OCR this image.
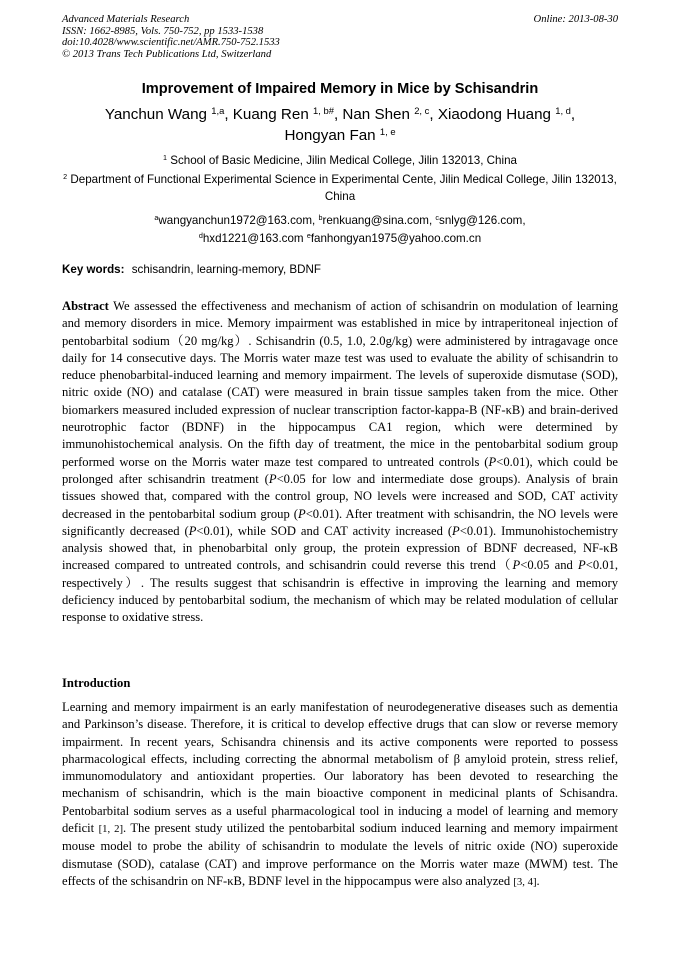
Advanced Materials Research
ISSN: 1662-8985, Vols. 750-752, pp 1533-1538
doi:10.4028/www.scientific.net/AMR.750-752.1533
© 2013 Trans Tech Publications Ltd, Switzerland
Online: 2013-08-30
Improvement of Impaired Memory in Mice by Schisandrin
Yanchun Wang $^{1,a}$, Kuang Ren $^{1, b\#}$, Nan Shen $^{2, c}$, Xiaodong Huang $^{1, d}$,
Hongyan Fan $^{1, e}$
$^1$ School of Basic Medicine, Jilin Medical College, Jilin 132013, China
$^2$ Department of Functional Experimental Science in Experimental Cente, Jilin Medical College, Jilin 132013, China
$^a$wangyanchun1972@163.com, $^b$renkuang@sina.com, $^c$snlyg@126.com,
$^d$hxd1221@163.com $^e$fanhongyan1975@yahoo.com.cn
Key words: schisandrin, learning-memory, BDNF

Abstract We assessed the effectiveness and mechanism of action of schisandrin on modulation of learning and memory disorders in mice. Memory impairment was established in mice by intraperitoneal injection of pentobarbital sodium（20 mg/kg）. Schisandrin (0.5, 1.0, 2.0g/kg) were administered by intragavage once daily for 14 consecutive days. The Morris water maze test was used to evaluate the ability of schisandrin to reduce phenobarbital-induced learning and memory impairment. The levels of superoxide dismutase (SOD), nitric oxide (NO) and catalase (CAT) were measured in brain tissue samples taken from the mice. Other biomarkers measured included expression of nuclear transcription factor-kappa-B (NF-κB) and brain-derived neurotrophic factor (BDNF) in the hippocampus CA1 region, which were determined by immunohistochemical analysis. On the fifth day of treatment, the mice in the pentobarbital sodium group performed worse on the Morris water maze test compared to untreated controls (P<0.01), which could be prolonged after schisandrin treatment (P<0.05 for low and intermediate dose groups). Analysis of brain tissues showed that, compared with the control group, NO levels were increased and SOD, CAT activity decreased in the pentobarbital sodium group (P<0.01). After treatment with schisandrin, the NO levels were significantly decreased (P<0.01), while SOD and CAT activity increased (P<0.01). Immunohistochemistry analysis showed that, in phenobarbital only group, the protein expression of BDNF decreased, NF-κB increased compared to untreated controls, and schisandrin could reverse this trend（P<0.05 and P<0.01, respectively）. The results suggest that schisandrin is effective in improving the learning and memory deficiency induced by pentobarbital sodium, the mechanism of which may be related modulation of cellular response to oxidative stress.

Introduction

Learning and memory impairment is an early manifestation of neurodegenerative diseases such as dementia and Parkinson’s disease. Therefore, it is critical to develop effective drugs that can slow or reverse memory impairment. In recent years, Schisandra chinensis and its active components were reported to possess pharmacological effects, including correcting the abnormal metabolism of β amyloid protein, stress relief, immunomodulatory and antioxidant properties. Our laboratory has been devoted to researching the mechanism of schisandrin, which is the main bioactive component in medicinal plants of Schisandra. Pentobarbital sodium serves as a useful pharmacological tool in inducing a model of learning and memory deficit [1, 2]. The present study utilized the pentobarbital sodium induced learning and memory impairment mouse model to probe the ability of schisandrin to modulate the levels of nitric oxide (NO) superoxide dismutase (SOD), catalase (CAT) and improve performance on the Morris water maze (MWM) test. The effects of the schisandrin on NF-κB, BDNF level in the hippocampus were also analyzed [3, 4].
